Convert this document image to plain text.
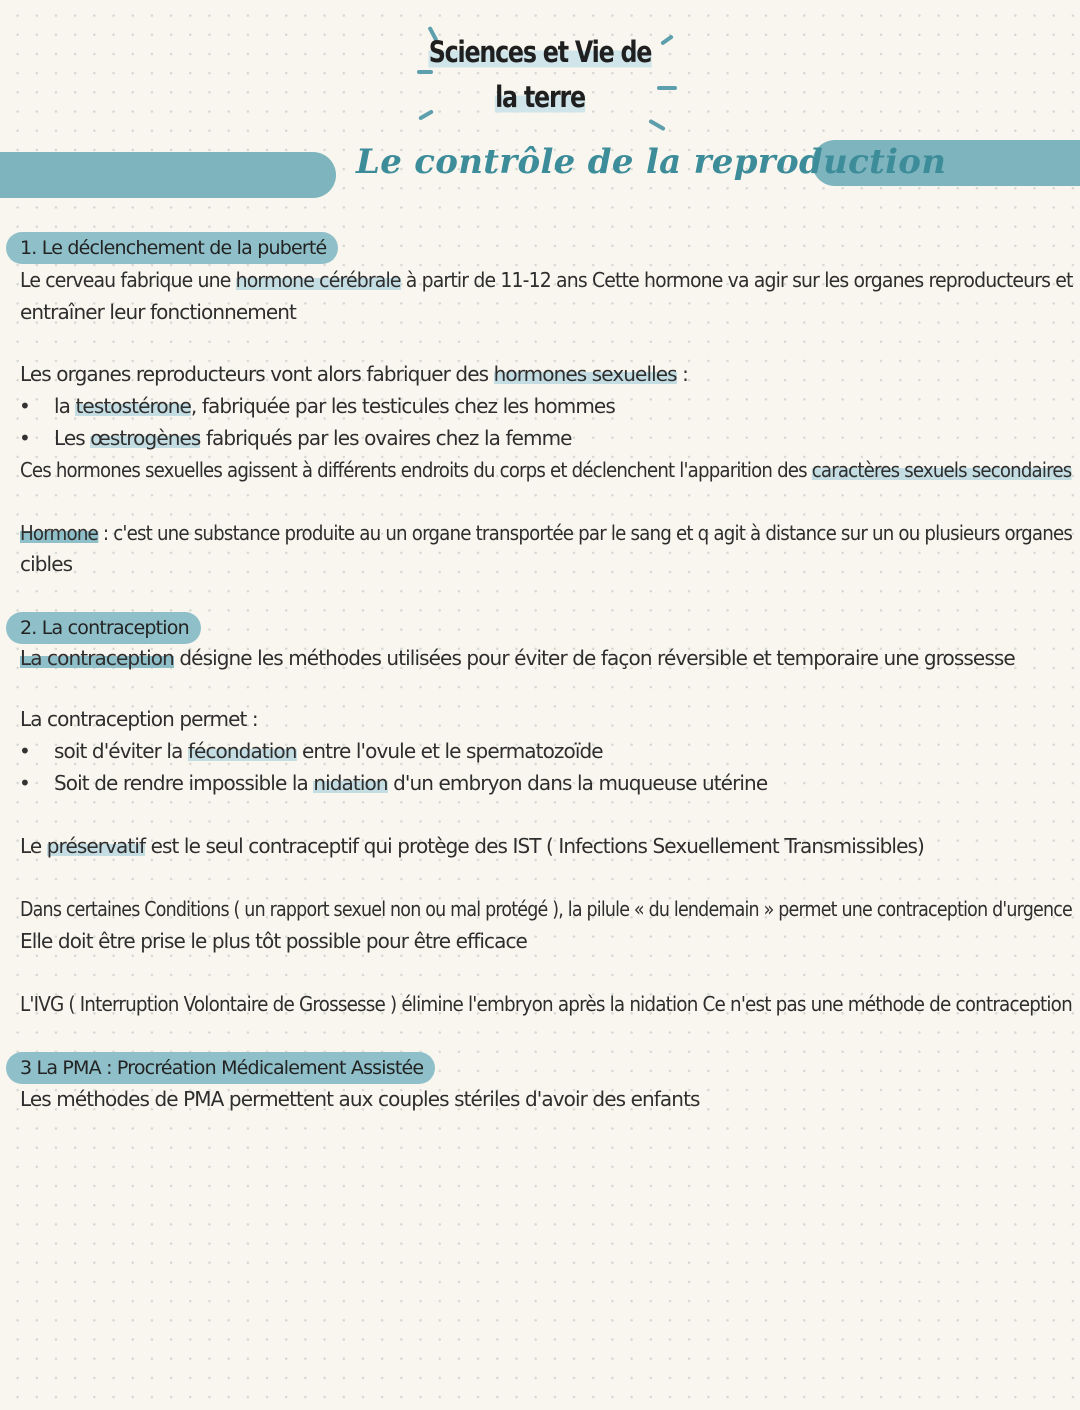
Sciences et Vie de
la terre
Le contrôle de la reproduction
1. Le déclenchement de la puberté
Le cerveau fabrique une hormone cérébrale à partir de 11-12 ans Cette hormone va agir sur les organes reproducteurs et
entraîner leur fonctionnement
Les organes reproducteurs vont alors fabriquer des hormones sexuelles :
• la testostérone, fabriquée par les testicules chez les hommes
• Les œstrogènes fabriqués par les ovaires chez la femme
Ces hormones sexuelles agissent à différents endroits du corps et déclenchent l'apparition des caractères sexuels secondaires
Hormone : c'est une substance produite au un organe transportée par le sang et q agit à distance sur un ou plusieurs organes
cibles
2. La contraception
La contraception désigne les méthodes utilisées pour éviter de façon réversible et temporaire une grossesse
La contraception permet :
• soit d'éviter la fécondation entre l'ovule et le spermatozoïde
• Soit de rendre impossible la nidation d'un embryon dans la muqueuse utérine
Le préservatif est le seul contraceptif qui protège des IST ( Infections Sexuellement Transmissibles)
Dans certaines Conditions ( un rapport sexuel non ou mal protégé ), la pilule « du lendemain » permet une contraception d'urgence
Elle doit être prise le plus tôt possible pour être efficace
L'IVG ( Interruption Volontaire de Grossesse ) élimine l'embryon après la nidation Ce n'est pas une méthode de contraception
3 La PMA : Procréation Médicalement Assistée
Les méthodes de PMA permettent aux couples stériles d'avoir des enfants
